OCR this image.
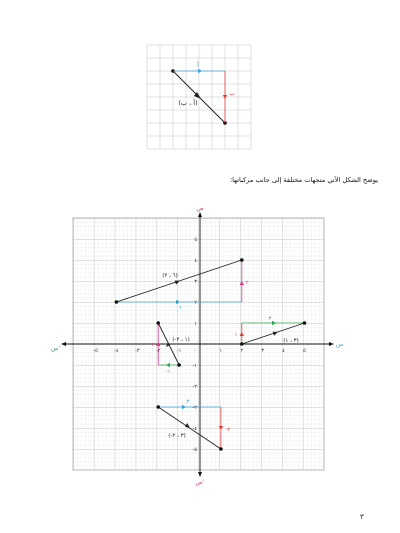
أ
ب
(أ ، ب)
يوضح الشكل الآتي متجهات مختلفة إلى جانب مركباتها:
س
س'
ص
ص'
-٥	-٤	-٣	-٢	-١	١	٢	٣	٤	٥
٠
٥
٤
٣
٢
١
-١
-٢
-٣
-٤
-٥
(٦ ، ٢)
٦
٢
(٣ ، ١)
٣
١
(-١ ، ٢)
-١
٢
(-٣ ، ٢)
٣
-٢
٣
